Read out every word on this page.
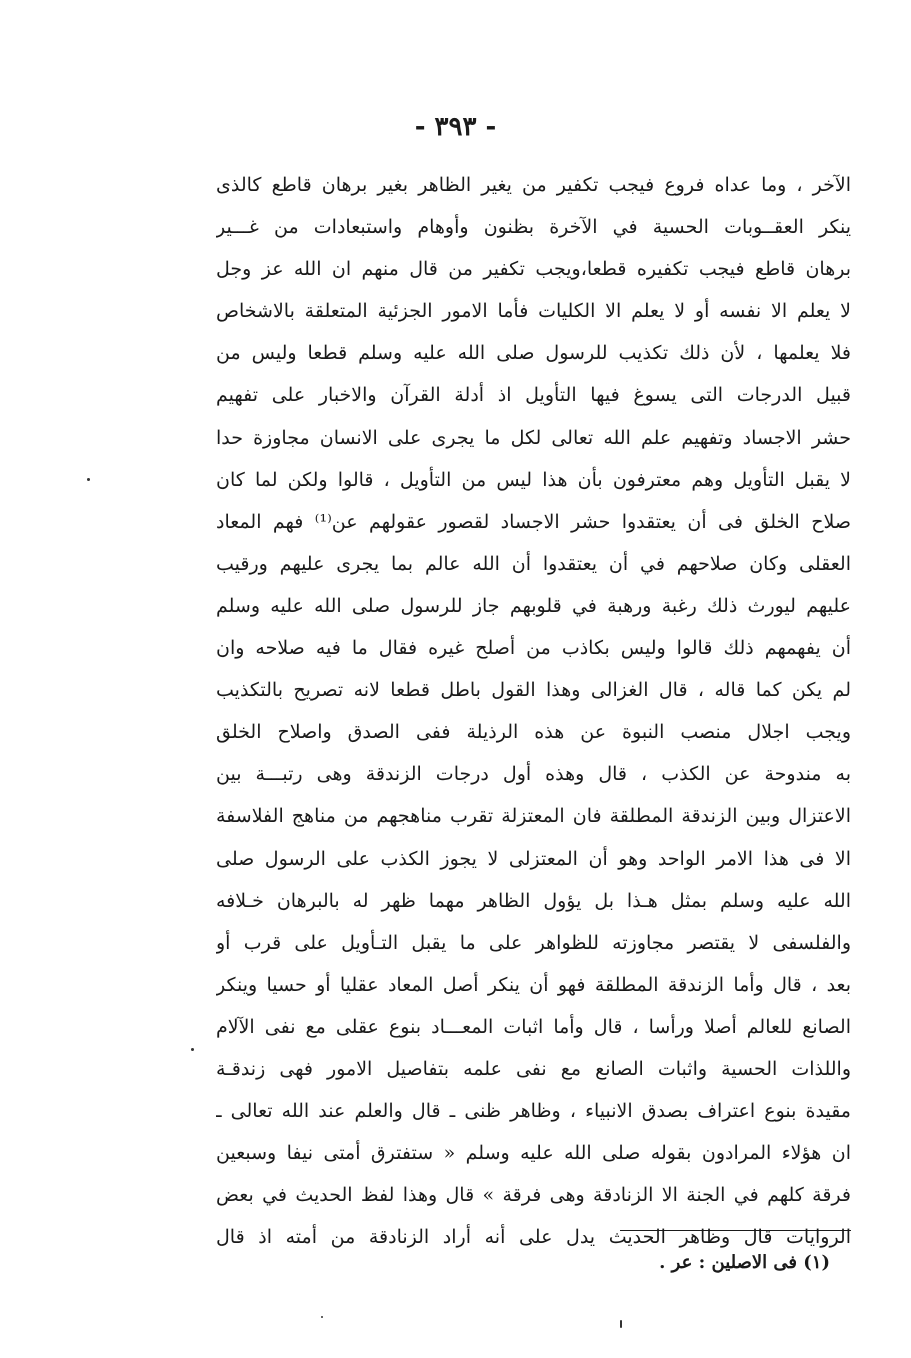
- ٣٩٣ -
الآخر ، وما عداه فروع فيجب تكفير من يغير الظاهر بغير برهان قاطع كالذى
ينكر العقــوبات الحسية في الآخرة بظنون وأوهام واستبعادات من غـــير
برهان قاطع فيجب تكفيره قطعا،ويجب تكفير من قال منهم ان الله عز وجل
لا يعلم الا نفسه أو لا يعلم الا الكليات فأما الامور الجزئية المتعلقة بالاشخاص
فلا يعلمها ، لأن ذلك تكذيب للرسول صلى الله عليه وسلم قطعا وليس من
قبيل الدرجات التى يسوغ فيها التأويل اذ أدلة القرآن والاخبار على تفهيم
حشر الاجساد وتفهيم علم الله تعالى لكل ما يجرى على الانسان مجاوزة حدا
لا يقبل التأويل وهم معترفون بأن هذا ليس من التأويل ، قالوا ولكن لما كان
صلاح الخلق فى أن يعتقدوا حشر الاجساد لقصور عقولهم عن⁽¹⁾ فهم المعاد
العقلى وكان صلاحهم في أن يعتقدوا أن الله عالم بما يجرى عليهم ورقيب
عليهم ليورث ذلك رغبة ورهبة في قلوبهم جاز للرسول صلى الله عليه وسلم
أن يفهمهم ذلك قالوا وليس بكاذب من أصلح غيره فقال ما فيه صلاحه وان
لم يكن كما قاله ، قال الغزالى وهذا القول باطل قطعا لانه تصريح بالتكذيب
ويجب اجلال منصب النبوة عن هذه الرذيلة ففى الصدق واصلاح الخلق
به مندوحة عن الكذب ، قال وهذه أول درجات الزندقة وهى رتبـــة بين
الاعتزال وبين الزندقة المطلقة فان المعتزلة تقرب مناهجهم من مناهج الفلاسفة
الا فى هذا الامر الواحد وهو أن المعتزلى لا يجوز الكذب على الرسول صلى
الله عليه وسلم بمثل هـذا بل يؤول الظاهر مهما ظهر له بالبرهان خـلافه
والفلسفى لا يقتصر مجاوزته للظواهر على ما يقبل التـأويل على قرب أو
بعد ، قال وأما الزندقة المطلقة فهو أن ينكر أصل المعاد عقليا أو حسيا وينكر
الصانع للعالم أصلا ورأسا ، قال وأما اثبات المعـــاد بنوع عقلى مع نفى الآلام
واللذات الحسية واثبات الصانع مع نفى علمه بتفاصيل الامور فهى زندقـة
مقيدة بنوع اعتراف بصدق الانبياء ، وظاهر ظنى ـ قال والعلم عند الله تعالى ـ
ان هؤلاء المرادون بقوله صلى الله عليه وسلم « ستفترق أمتى نيفا وسبعين
فرقة كلهم في الجنة الا الزنادقة وهى فرقة » قال وهذا لفظ الحديث في بعض
الروايات قال وظاهر الحديث يدل على أنه أراد الزنادقة من أمته اذ قال
(١) فى الاصلين : عر .
